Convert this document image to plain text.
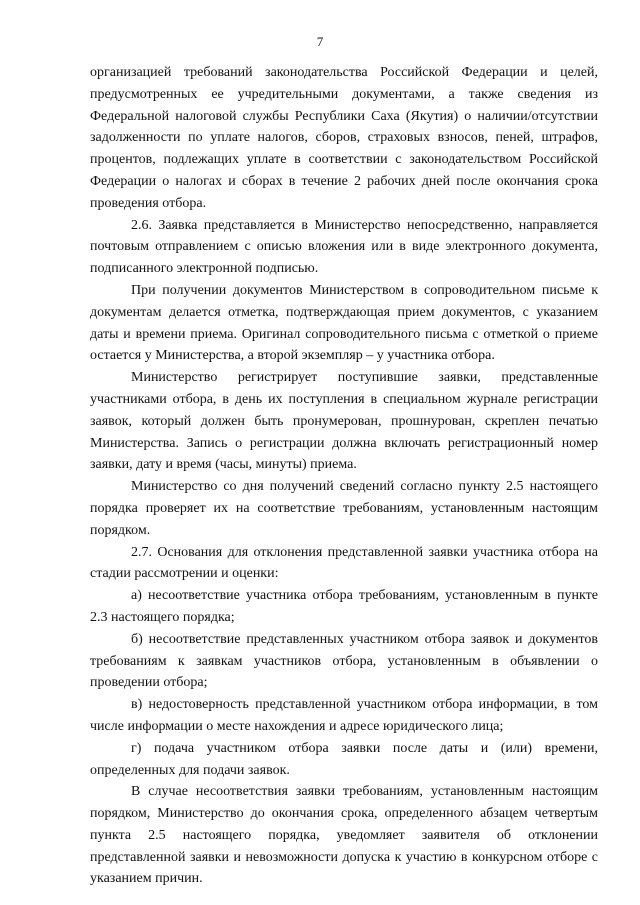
7

организацией требований законодательства Российской Федерации и целей, предусмотренных ее учредительными документами, а также сведения из Федеральной налоговой службы Республики Саха (Якутия) о наличии/отсутствии задолженности по уплате налогов, сборов, страховых взносов, пеней, штрафов, процентов, подлежащих уплате в соответствии с законодательством Российской Федерации о налогах и сборах в течение 2 рабочих дней после окончания срока проведения отбора.

2.6. Заявка представляется в Министерство непосредственно, направляется почтовым отправлением с описью вложения или в виде электронного документа, подписанного электронной подписью.

При получении документов Министерством в сопроводительном письме к документам делается отметка, подтверждающая прием документов, с указанием даты и времени приема. Оригинал сопроводительного письма с отметкой о приеме остается у Министерства, а второй экземпляр – у участника отбора.

Министерство регистрирует поступившие заявки, представленные участниками отбора, в день их поступления в специальном журнале регистрации заявок, который должен быть пронумерован, прошнурован, скреплен печатью Министерства. Запись о регистрации должна включать регистрационный номер заявки, дату и время (часы, минуты) приема.

Министерство со дня получений сведений согласно пункту 2.5 настоящего порядка проверяет их на соответствие требованиям, установленным настоящим порядком.

2.7. Основания для отклонения представленной заявки участника отбора на стадии рассмотрении и оценки:

а) несоответствие участника отбора требованиям, установленным в пункте 2.3 настоящего порядка;

б) несоответствие представленных участником отбора заявок и документов требованиям к заявкам участников отбора, установленным в объявлении о проведении отбора;

в) недостоверность представленной участником отбора информации, в том числе информации о месте нахождения и адресе юридического лица;

г) подача участником отбора заявки после даты и (или) времени, определенных для подачи заявок.

В случае несоответствия заявки требованиям, установленным настоящим порядком, Министерство до окончания срока, определенного абзацем четвертым пункта 2.5 настоящего порядка, уведомляет заявителя об отклонении представленной заявки и невозможности допуска к участию в конкурсном отборе с указанием причин.
